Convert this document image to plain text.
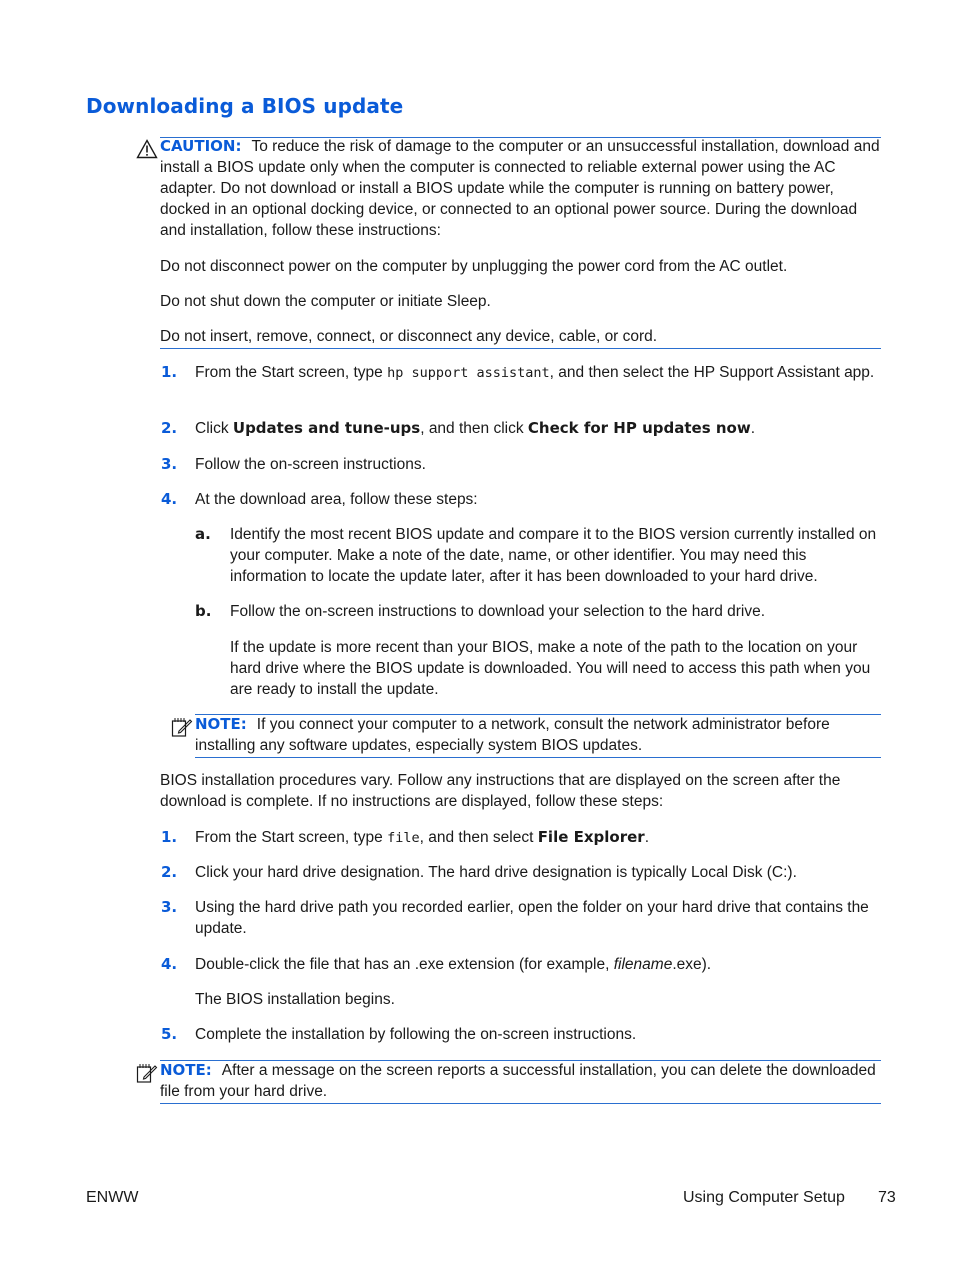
Downloading a BIOS update

CAUTION: To reduce the risk of damage to the computer or an unsuccessful installation, download and install a BIOS update only when the computer is connected to reliable external power using the AC adapter. Do not download or install a BIOS update while the computer is running on battery power, docked in an optional docking device, or connected to an optional power source. During the download and installation, follow these instructions:

Do not disconnect power on the computer by unplugging the power cord from the AC outlet.

Do not shut down the computer or initiate Sleep.

Do not insert, remove, connect, or disconnect any device, cable, or cord.

1. From the Start screen, type hp support assistant, and then select the HP Support Assistant app.

2. Click Updates and tune-ups, and then click Check for HP updates now.

3. Follow the on-screen instructions.

4. At the download area, follow these steps:

a. Identify the most recent BIOS update and compare it to the BIOS version currently installed on your computer. Make a note of the date, name, or other identifier. You may need this information to locate the update later, after it has been downloaded to your hard drive.

b. Follow the on-screen instructions to download your selection to the hard drive.

If the update is more recent than your BIOS, make a note of the path to the location on your hard drive where the BIOS update is downloaded. You will need to access this path when you are ready to install the update.

NOTE: If you connect your computer to a network, consult the network administrator before installing any software updates, especially system BIOS updates.

BIOS installation procedures vary. Follow any instructions that are displayed on the screen after the download is complete. If no instructions are displayed, follow these steps:

1. From the Start screen, type file, and then select File Explorer.

2. Click your hard drive designation. The hard drive designation is typically Local Disk (C:).

3. Using the hard drive path you recorded earlier, open the folder on your hard drive that contains the update.

4. Double-click the file that has an .exe extension (for example, filename.exe).

The BIOS installation begins.

5. Complete the installation by following the on-screen instructions.

NOTE: After a message on the screen reports a successful installation, you can delete the downloaded file from your hard drive.

ENWW	Using Computer Setup 73
